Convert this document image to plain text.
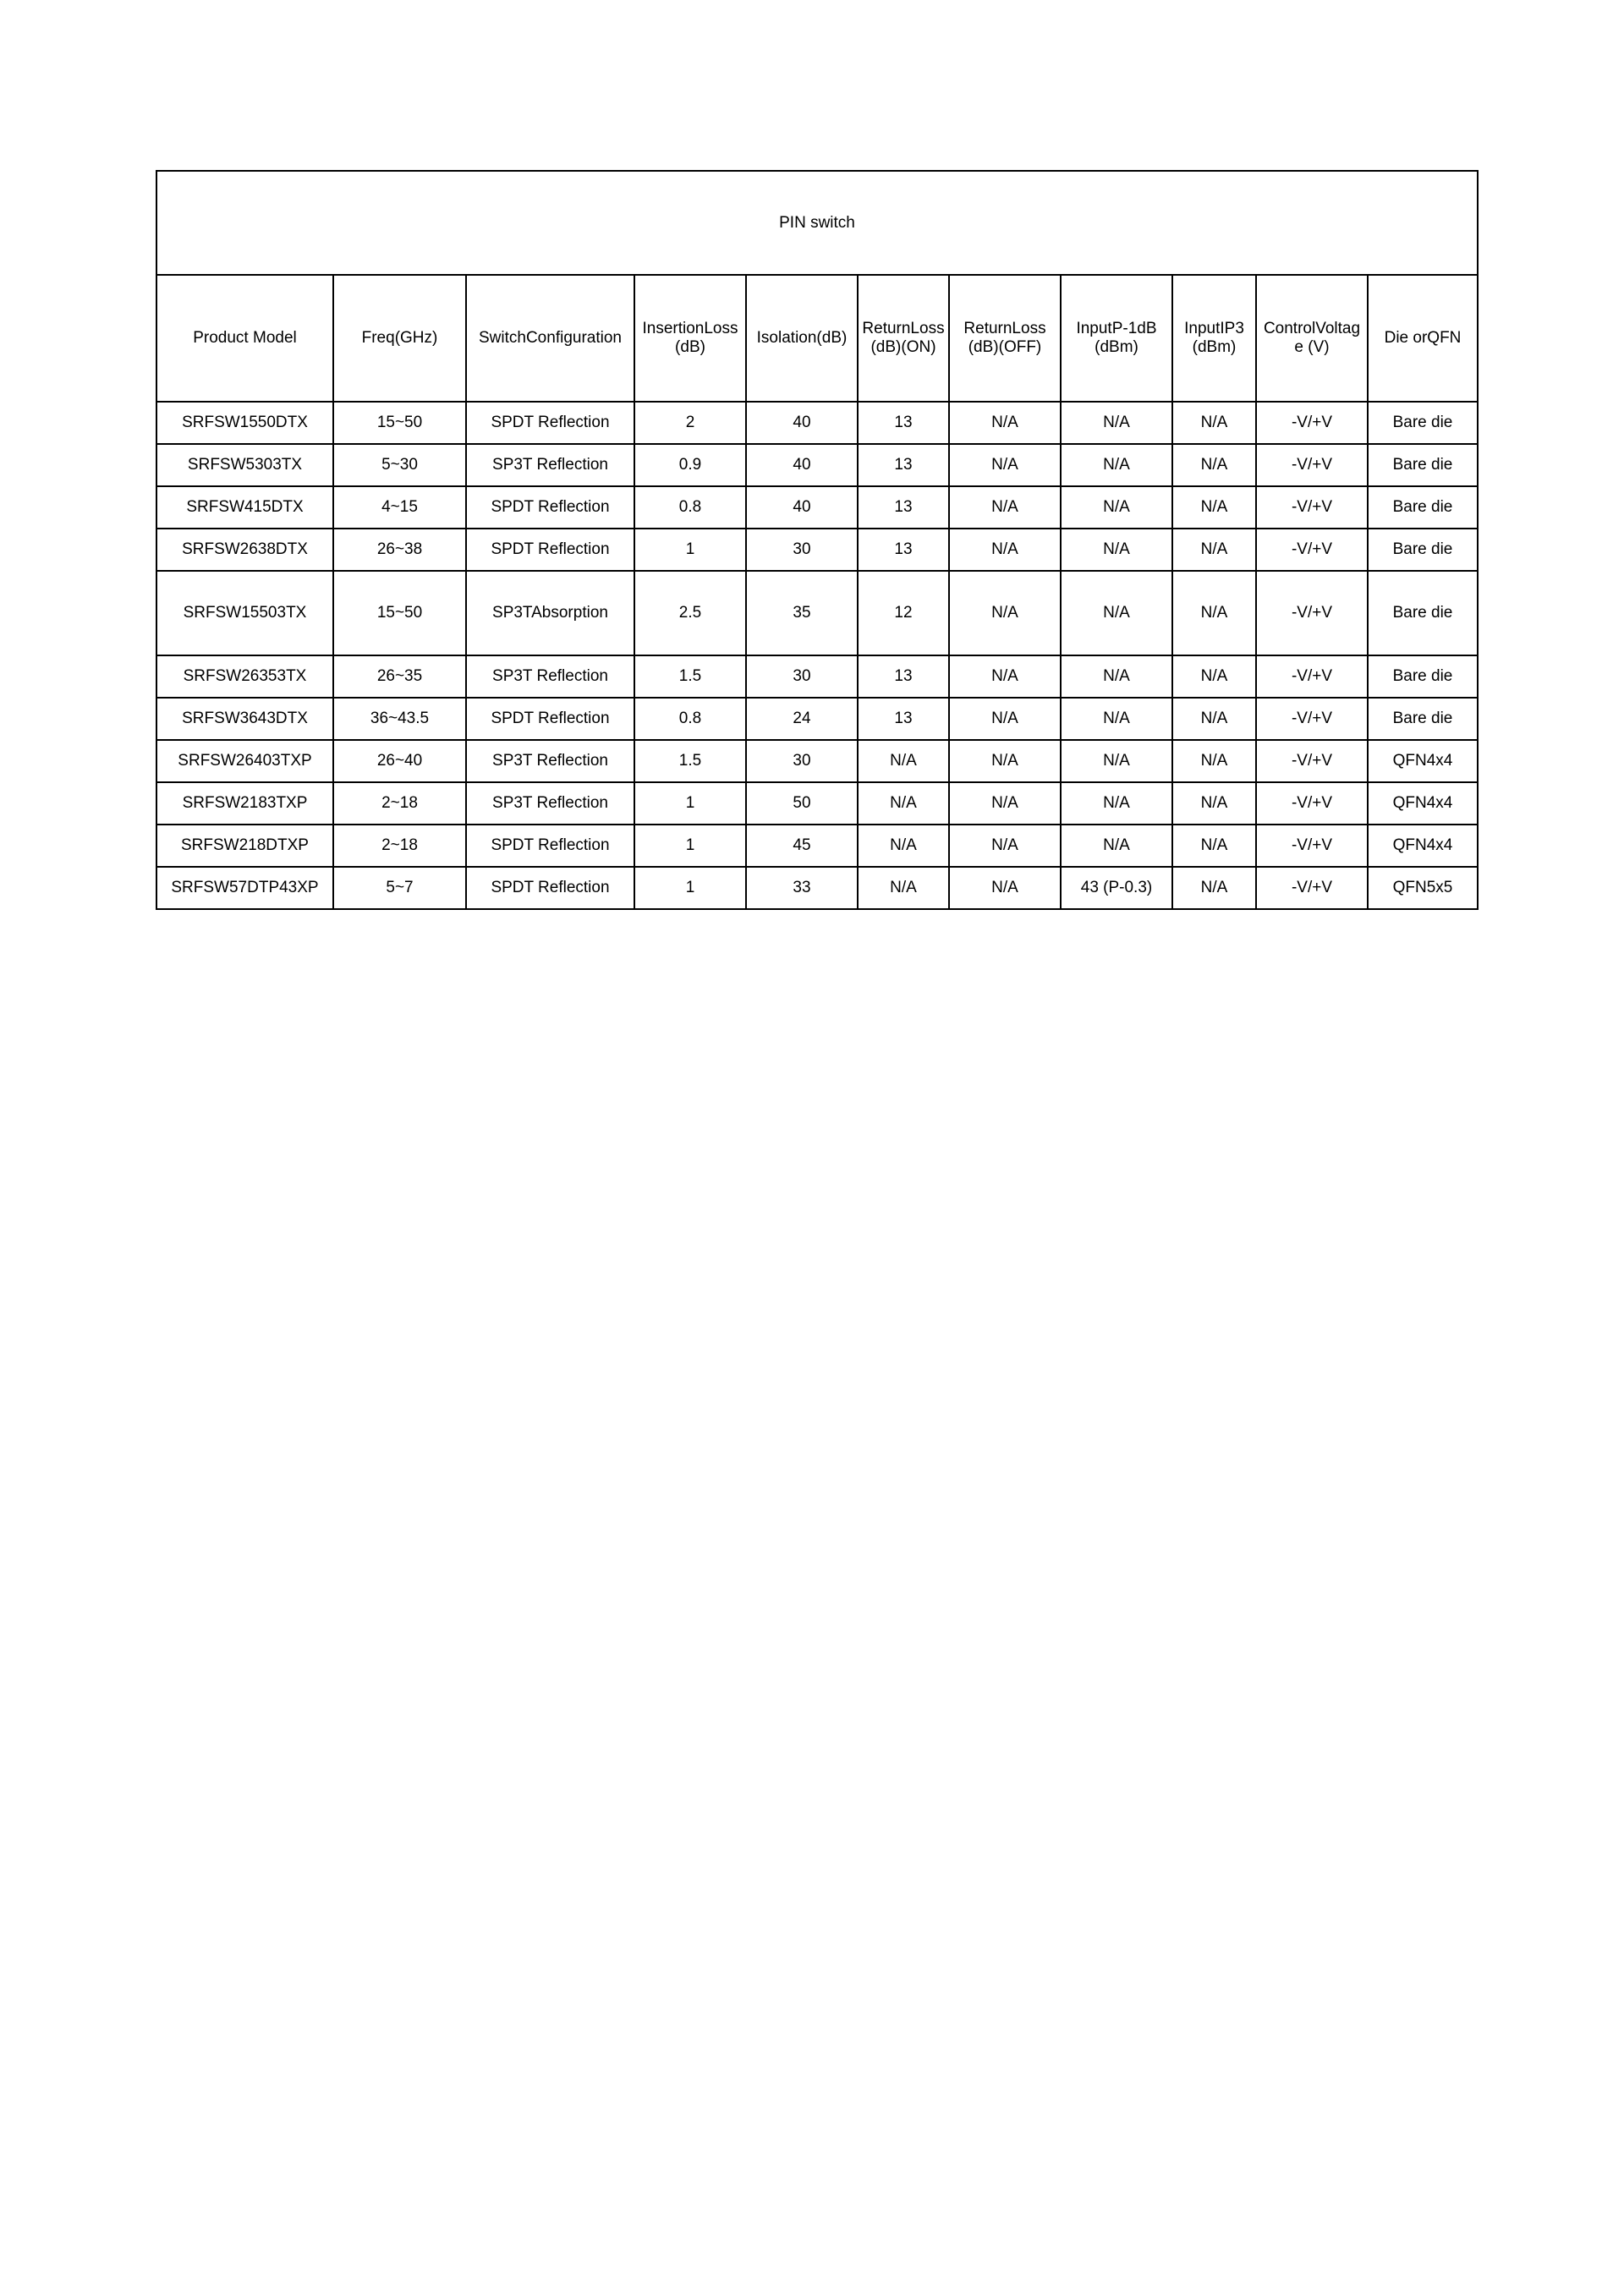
PIN switch										
Product Model	Freq(GHz)	SwitchConfiguration	InsertionLoss (dB)	Isolation(dB)	ReturnLoss (dB)(ON)	ReturnLoss (dB)(OFF)	InputP-1dB (dBm)	InputIP3 (dBm)	ControlVoltag e (V)	Die orQFN
SRFSW1550DTX	15~50	SPDT Reflection	2	40	13	N/A	N/A	N/A	-V/+V	Bare die
SRFSW5303TX	5~30	SP3T Reflection	0.9	40	13	N/A	N/A	N/A	-V/+V	Bare die
SRFSW415DTX	4~15	SPDT Reflection	0.8	40	13	N/A	N/A	N/A	-V/+V	Bare die
SRFSW2638DTX	26~38	SPDT Reflection	1	30	13	N/A	N/A	N/A	-V/+V	Bare die
SRFSW15503TX	15~50	SP3TAbsorption	2.5	35	12	N/A	N/A	N/A	-V/+V	Bare die
SRFSW26353TX	26~35	SP3T Reflection	1.5	30	13	N/A	N/A	N/A	-V/+V	Bare die
SRFSW3643DTX	36~43.5	SPDT Reflection	0.8	24	13	N/A	N/A	N/A	-V/+V	Bare die
SRFSW26403TXP	26~40	SP3T Reflection	1.5	30	N/A	N/A	N/A	N/A	-V/+V	QFN4x4
SRFSW2183TXP	2~18	SP3T Reflection	1	50	N/A	N/A	N/A	N/A	-V/+V	QFN4x4
SRFSW218DTXP	2~18	SPDT Reflection	1	45	N/A	N/A	N/A	N/A	-V/+V	QFN4x4
SRFSW57DTP43XP	5~7	SPDT Reflection	1	33	N/A	N/A	43 (P-0.3)	N/A	-V/+V	QFN5x5
